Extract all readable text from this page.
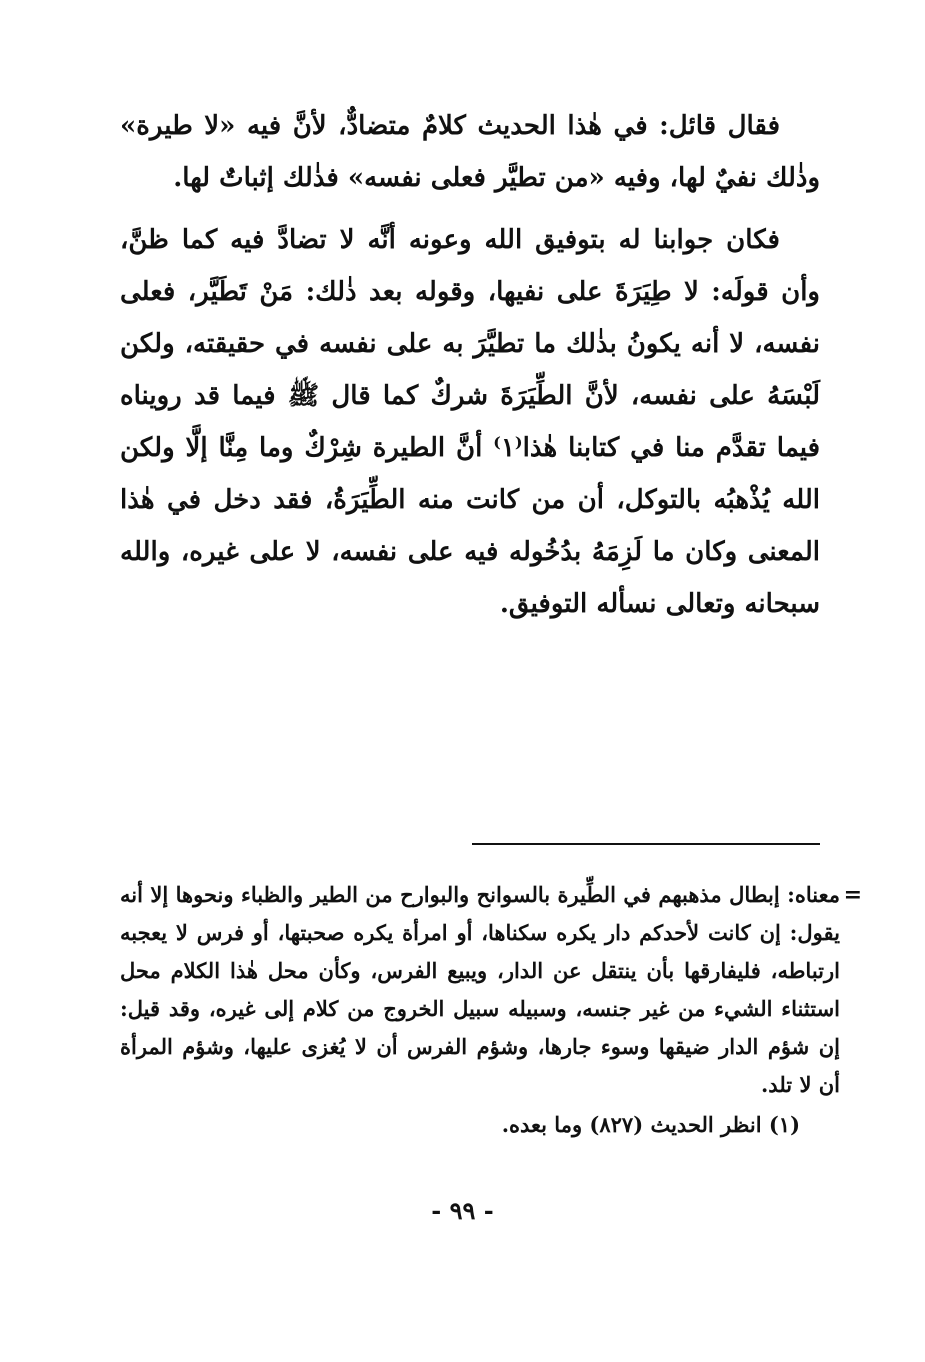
فقال قائل: في هٰذا الحديث كلامٌ متضادٌّ، لأنَّ فيه «لا طيرة» وذٰلك نفيٌ لها، وفيه «من تطيَّر فعلى نفسه» فذٰلك إثباتٌ لها.

فكان جوابنا له بتوفيق الله وعونه أنَّه لا تضادَّ فيه كما ظنَّ، وأن قولَه: لا طِيَرَةَ على نفيها، وقوله بعد ذٰلك: مَنْ تَطَيَّر، فعلى نفسه، لا أنه يكونُ بذٰلك ما تطيَّرَ به على نفسه في حقيقته، ولكن لَبْسَهُ على نفسه، لأنَّ الطِّيَرَةَ شركٌ كما قال ﷺ فيما قد رويناه فيما تقدَّم منا في كتابنا هٰذا⁽١⁾ أنَّ الطيرة شِرْكٌ وما مِنَّا إلَّا ولكن الله يُذْهبُه بالتوكل، أن من كانت منه الطِّيَرَةُ، فقد دخل في هٰذا المعنى وكان ما لَزِمَهُ بدُخُوله فيه على نفسه، لا على غيره، والله سبحانه وتعالى نسأله التوفيق.

=
معناه: إبطال مذهبهم في الطِّيرة بالسوانح والبوارح من الطير والظباء ونحوها إلا أنه يقول: إن كانت لأحدكم دار يكره سكناها، أو امرأة يكره صحبتها، أو فرس لا يعجبه ارتباطه، فليفارقها بأن ينتقل عن الدار، ويبيع الفرس، وكأن محل هٰذا الكلام محل استثناء الشيء من غير جنسه، وسبيله سبيل الخروج من كلام إلى غيره، وقد قيل: إن شؤم الدار ضيقها وسوء جارها، وشؤم الفرس أن لا يُغزى عليها، وشؤم المرأة أن لا تلد.

(١) انظر الحديث (٨٢٧) وما بعده.

- ٩٩ -
